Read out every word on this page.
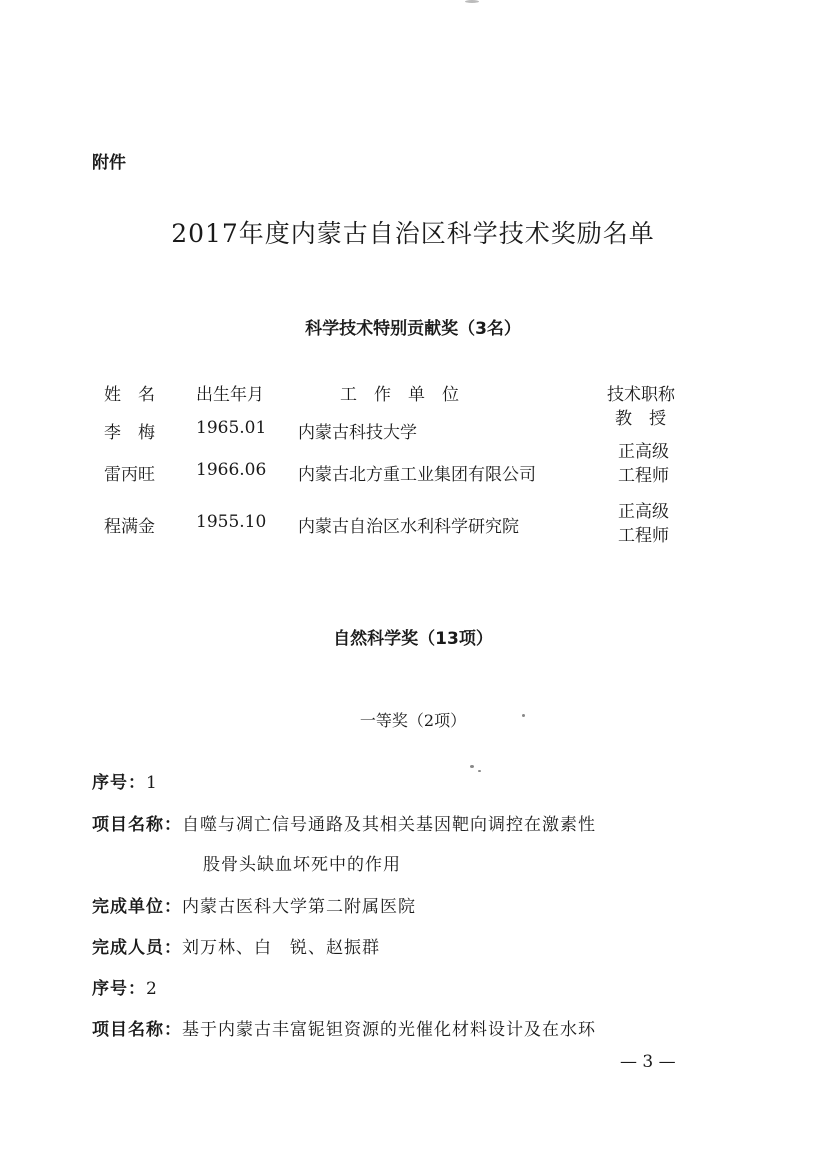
附件
2017年度内蒙古自治区科学技术奖励名单
科学技术特别贡献奖（3名）
姓　名 出生年月	工　作　单　位	技术职称
李　梅 1965.01 内蒙古科技大学
教　授
雷丙旺 1966.06 内蒙古北方重工业集团有限公司
正高级
工程师
程满金 1955.10 内蒙古自治区水利科学研究院
正高级
工程师
自然科学奖（13项）
一等奖（2项）
序号：1
项目名称：自噬与凋亡信号通路及其相关基因靶向调控在激素性
股骨头缺血坏死中的作用
完成单位：内蒙古医科大学第二附属医院
完成人员：刘万林、白　锐、赵振群
序号：2
项目名称：基于内蒙古丰富铌钽资源的光催化材料设计及在水环
— 3 —
